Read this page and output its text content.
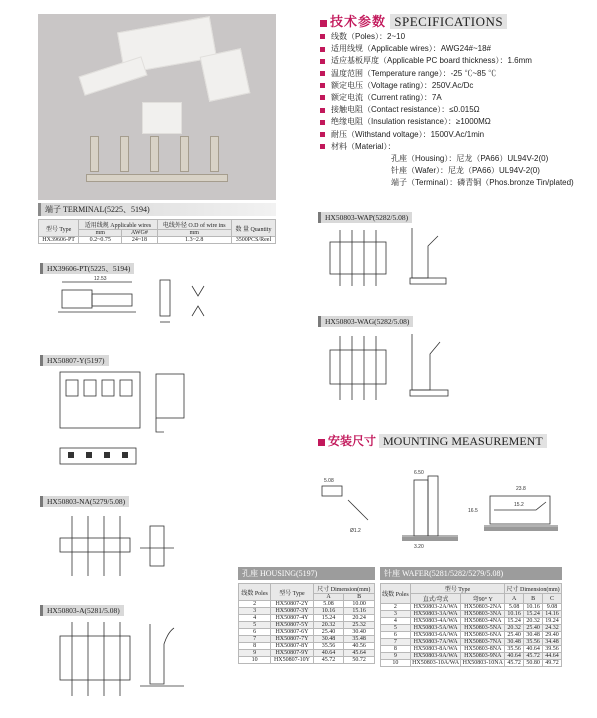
技术参数 SPECIFICATIONS
线数（Poles）：2~10
适用线规（Applicable wires）：AWG24#~18#
适应基板厚度（Applicable PC board thickness）：1.6mm
温度范围（Temperature range）：-25 ℃~85 ℃
额定电压（Voltage rating）：250V.Ac/Dc
额定电流（Current rating）：7A
接触电阻（Contact resistance）：≤0.015Ω
绝缘电阻（Insulation resistance）：≥1000MΩ
耐压（Withstand voltage）：1500V.Ac/1min
材料（Material）：
孔座（Housing）：尼龙（PA66）UL94V-2(0)
针座（Wafer）：尼龙（PA66）UL94V-2(0)
端子（Terminal）：磷青铜（Phos.bronze Tin/plated)
端子 TERMINAL(5225、5194)
型号 Type	适用线规 Applicable wires		电线外径 O.D of wire ins	数 量 Quantity
	mm	AWG#	mm	
HX39606-PT	0.2~0.75	24~18	1.3~2.8	3500PCS/Reel
HX39606-PT(5225、5194)
12.53
HX50807-Y(5197)
HX50803-NA(5279/5.08)
HX50803-A(5281/5.08)
HX50803-WAP(5282/5.08)
HX50803-WAG(5282/5.08)
安装尺寸 MOUNTING MEASUREMENT
5.08
Ø1.2
6.50
3.20
23.8
15.2
16.5
孔座 HOUSING(5197)
线数 Poles	型号 Type	尺寸 Dimension(mm)	
		A	B
2	HX50807-2Y	5.08	10.00
3	HX50807-3Y	10.16	15.16
4	HX50807-4Y	15.24	20.24
5	HX50807-5Y	20.32	25.32
6	HX50807-6Y	25.40	30.40
7	HX50807-7Y	30.48	35.48
8	HX50807-8Y	35.56	40.56
9	HX50807-9Y	40.64	45.64
10	HX50807-10Y	45.72	50.72
针座 WAFER(5281/5282/5279/5.08)
线数 Poles	型号 Type		尺寸 Dimension(mm)		
	直式/弯式	弯90° Y	A	B	C
2	HX50803-2A/WA	HX50803-2NA	5.08	10.16	9.08
3	HX50803-3A/WA	HX50803-3NA	10.16	15.24	14.16
4	HX50803-4A/WA	HX50803-4NA	15.24	20.32	19.24
5	HX50803-5A/WA	HX50803-5NA	20.32	25.40	24.32
6	HX50803-6A/WA	HX50803-6NA	25.40	30.48	29.40
7	HX50803-7A/WA	HX50803-7NA	30.48	35.56	34.48
8	HX50803-8A/WA	HX50803-8NA	35.56	40.64	39.56
9	HX50803-9A/WA	HX50803-9NA	40.64	45.72	44.64
10	HX50803-10A/WA	HX50803-10NA	45.72	50.80	49.72
